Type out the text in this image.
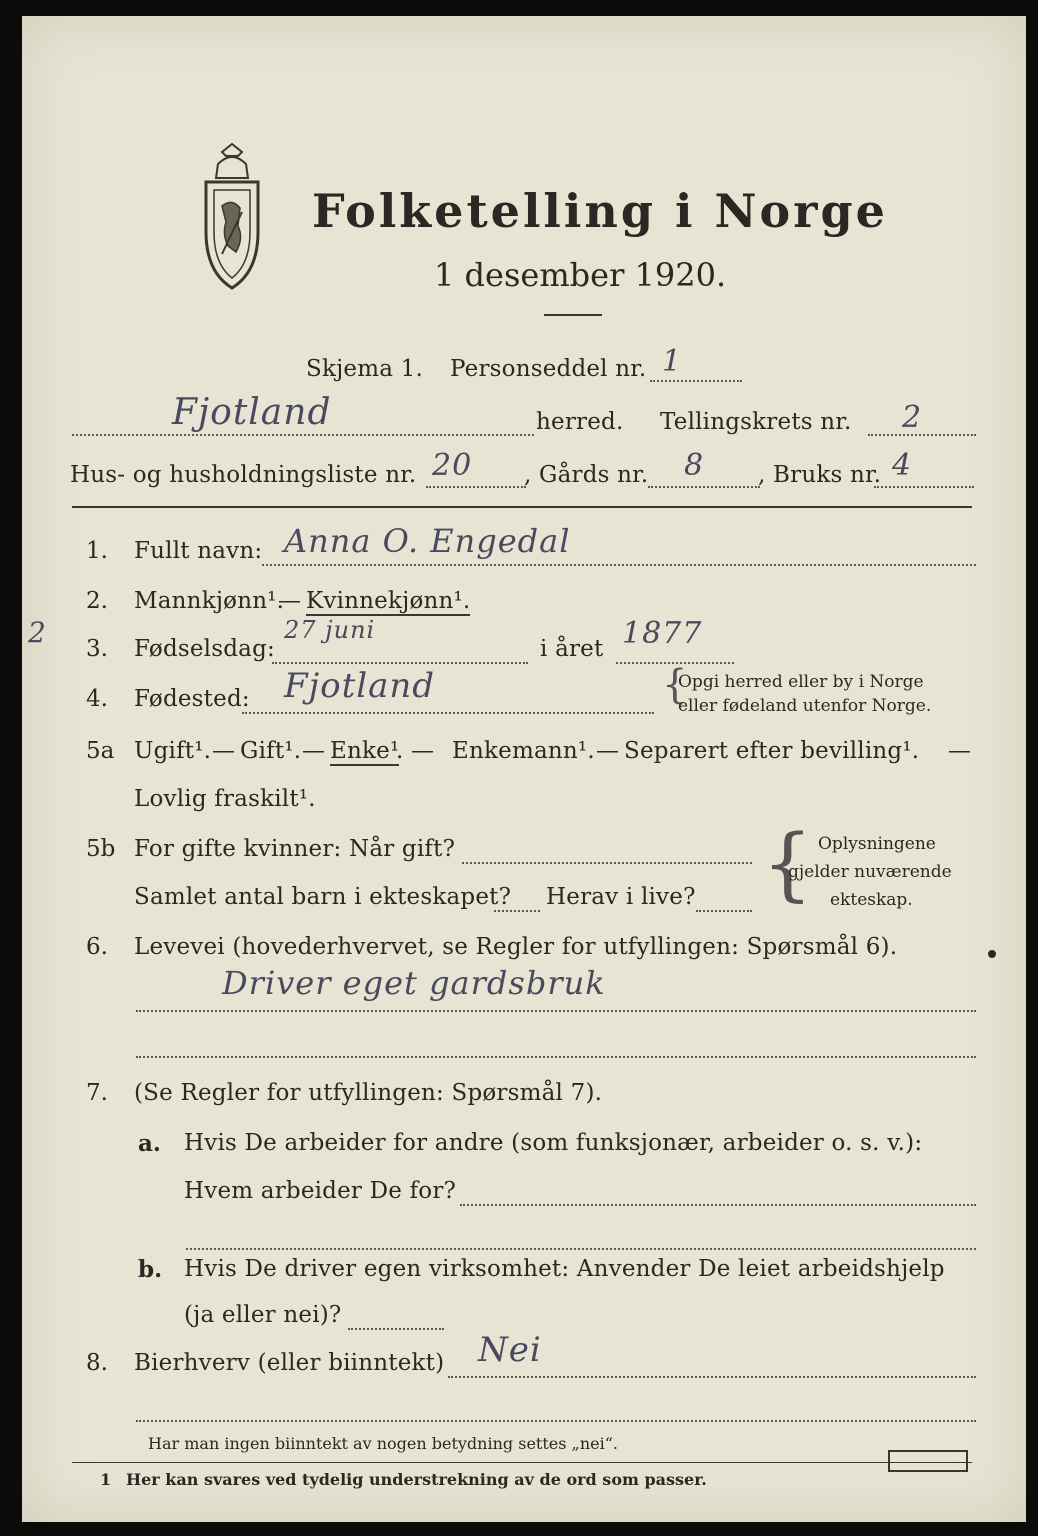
Folketelling i Norge
1 desember 1920.
Skjema 1. Personseddel nr. 1
Fjotland	herred. Tellingskrets nr. 2
Hus- og husholdningsliste nr. 20 , Gårds nr. 8 , Bruks nr. 4
1. Fullt navn: Anna O. Engedal
2. Mannkjønn¹.
— Kvinnekjønn¹.
2 3. Fødselsdag:
27 juni
i året 1877
4. Fødested: Fjotland	{
Opgi herred eller by i Norge
eller fødeland utenfor Norge.
5a Ugift¹. — Gift¹. — Enke¹
. — Enkemann¹. — Separert efter bevilling¹. —
Lovlig fraskilt¹.
5b For gifte kvinner: Når gift?
Samlet antal barn i ekteskapet? Herav i live? { Oplysningene
gjelder nuværende
ekteskap.
6. Levevei (hovederhvervet, se Regler for utfyllingen: Spørsmål 6).
Driver eget gardsbruk
7. (Se Regler for utfyllingen: Spørsmål 7).
a. Hvis De arbeider for andre (som funksjonær, arbeider o. s. v.):
Hvem arbeider De for?
b. Hvis De driver egen virksomhet: Anvender De leiet arbeidshjelp
(ja eller nei)?
8. Bierhverv (eller biinntekt) Nei
Har man ingen biinntekt av nogen betydning settes „nei“.
1 Her kan svares ved tydelig understrekning av de ord som passer.
